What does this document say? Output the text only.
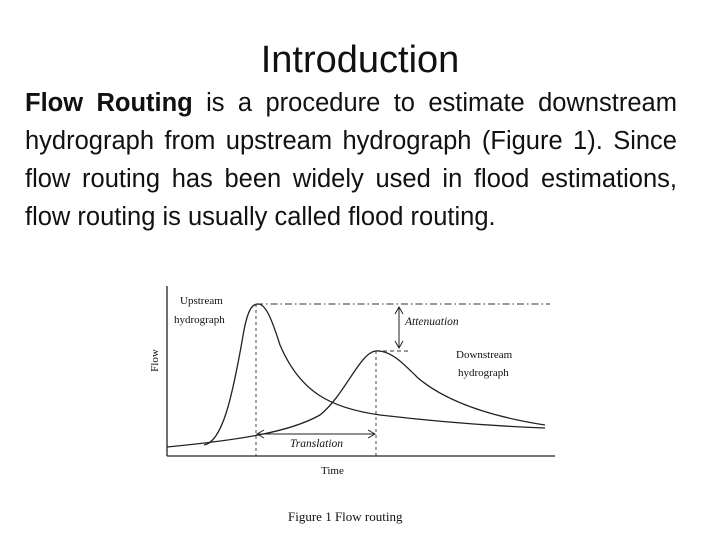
Introduction
Flow Routing is a procedure to estimate downstream hydrograph from upstream hydrograph (Figure 1). Since flow routing has been widely used in flood estimations, flow routing is usually called flood routing.
Upstream
hydrograph	Attenuation
Downstream
hydrograph
Translation
Time
Flow
Figure 1 Flow routing
